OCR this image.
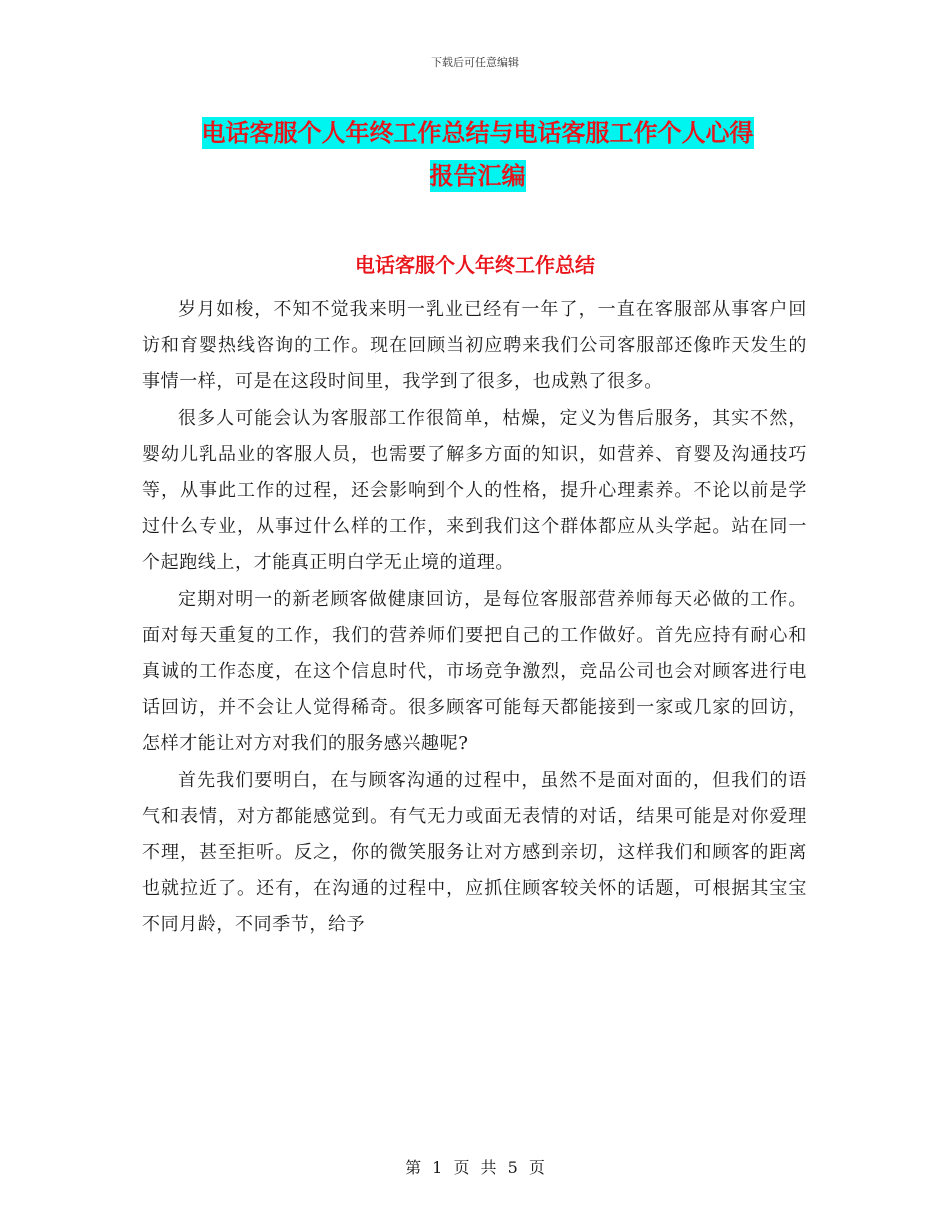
下载后可任意编辑
电话客服个人年终工作总结与电话客服工作个人心得
报告汇编
电话客服个人年终工作总结

岁月如梭，不知不觉我来明一乳业已经有一年了，一直在客服部从事客户回访和育婴热线咨询的工作。现在回顾当初应聘来我们公司客服部还像昨天发生的事情一样，可是在这段时间里，我学到了很多，也成熟了很多。

很多人可能会认为客服部工作很简单，枯燥，定义为售后服务，其实不然，婴幼儿乳品业的客服人员，也需要了解多方面的知识，如营养、育婴及沟通技巧等，从事此工作的过程，还会影响到个人的性格，提升心理素养。不论以前是学过什么专业，从事过什么样的工作，来到我们这个群体都应从头学起。站在同一个起跑线上，才能真正明白学无止境的道理。

定期对明一的新老顾客做健康回访，是每位客服部营养师每天必做的工作。面对每天重复的工作，我们的营养师们要把自己的工作做好。首先应持有耐心和真诚的工作态度，在这个信息时代，市场竞争激烈，竞品公司也会对顾客进行电话回访，并不会让人觉得稀奇。很多顾客可能每天都能接到一家或几家的回访，怎样才能让对方对我们的服务感兴趣呢?

首先我们要明白，在与顾客沟通的过程中，虽然不是面对面的，但我们的语气和表情，对方都能感觉到。有气无力或面无表情的对话，结果可能是对你爱理不理，甚至拒听。反之，你的微笑服务让对方感到亲切，这样我们和顾客的距离也就拉近了。还有，在沟通的过程中，应抓住顾客较关怀的话题，可根据其宝宝不同月龄，不同季节，给予

第 1 页 共 5 页
